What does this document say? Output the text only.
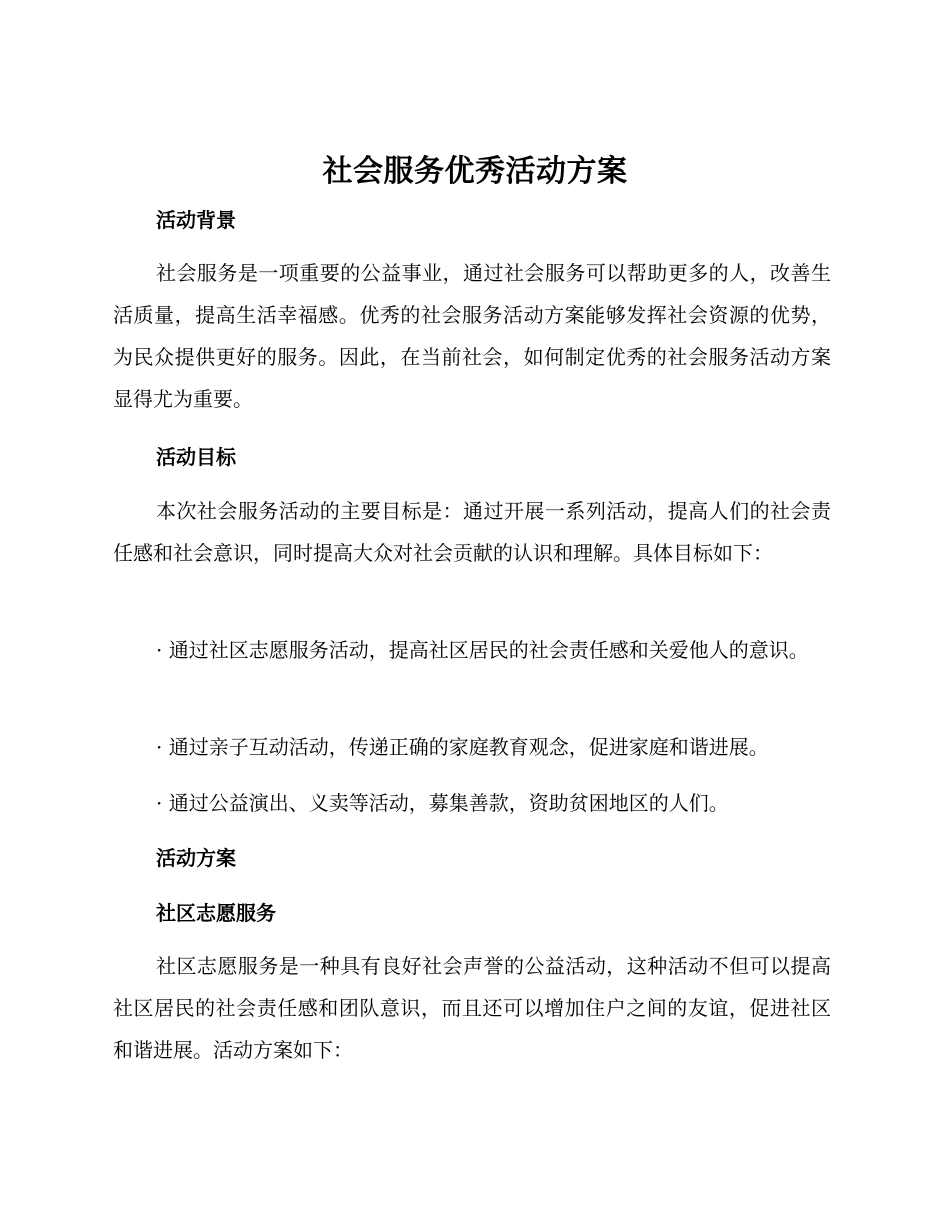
社会服务优秀活动方案
活动背景

社会服务是一项重要的公益事业，通过社会服务可以帮助更多的人，改善生活质量，提高生活幸福感。优秀的社会服务活动方案能够发挥社会资源的优势，为民众提供更好的服务。因此，在当前社会，如何制定优秀的社会服务活动方案显得尤为重要。

活动目标

本次社会服务活动的主要目标是：通过开展一系列活动，提高人们的社会责任感和社会意识，同时提高大众对社会贡献的认识和理解。具体目标如下：

· 通过社区志愿服务活动，提高社区居民的社会责任感和关爱他人的意识。

· 通过亲子互动活动，传递正确的家庭教育观念，促进家庭和谐进展。

· 通过公益演出、义卖等活动，募集善款，资助贫困地区的人们。

活动方案
社区志愿服务

社区志愿服务是一种具有良好社会声誉的公益活动，这种活动不但可以提高社区居民的社会责任感和团队意识，而且还可以增加住户之间的友谊，促进社区和谐进展。活动方案如下：
